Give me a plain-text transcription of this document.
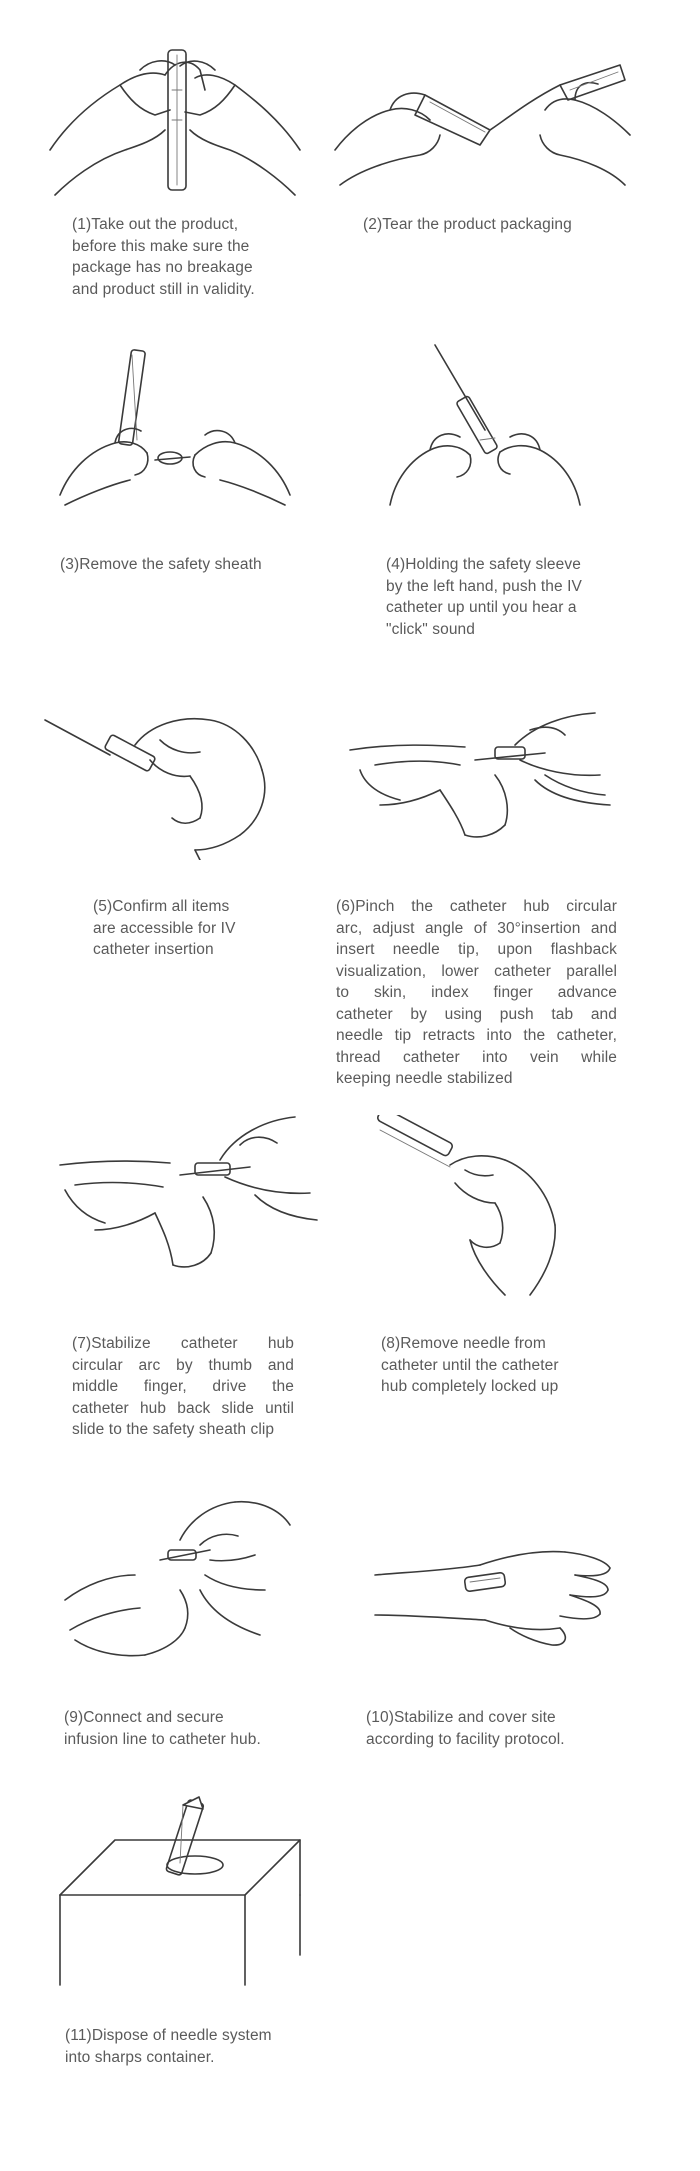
(1)Take out the product,
before this make sure the
package has no breakage
and product still in validity.
(2)Tear the product packaging
(3)Remove the safety sheath	(4)Holding the safety sleeve
by the left hand, push the IV
catheter up until you hear a
"click" sound
(5)Confirm all items
are accessible for IV
catheter insertion
(6)Pinch the catheter hub circular
arc, adjust angle of 30°insertion and
insert needle tip, upon flashback
visualization, lower catheter parallel
to skin, index finger advance
catheter by using push tab and
needle tip retracts into the catheter,
thread catheter into vein while
keeping needle stabilized
(7)Stabilize catheter hub
circular arc by thumb and
middle finger, drive the
catheter hub back slide until
slide to the safety sheath clip
(8)Remove needle from
catheter until the catheter
hub completely locked up
(9)Connect and secure
infusion line to catheter hub.
(10)Stabilize and cover site
according to facility protocol.
(11)Dispose of needle system
into sharps container.
